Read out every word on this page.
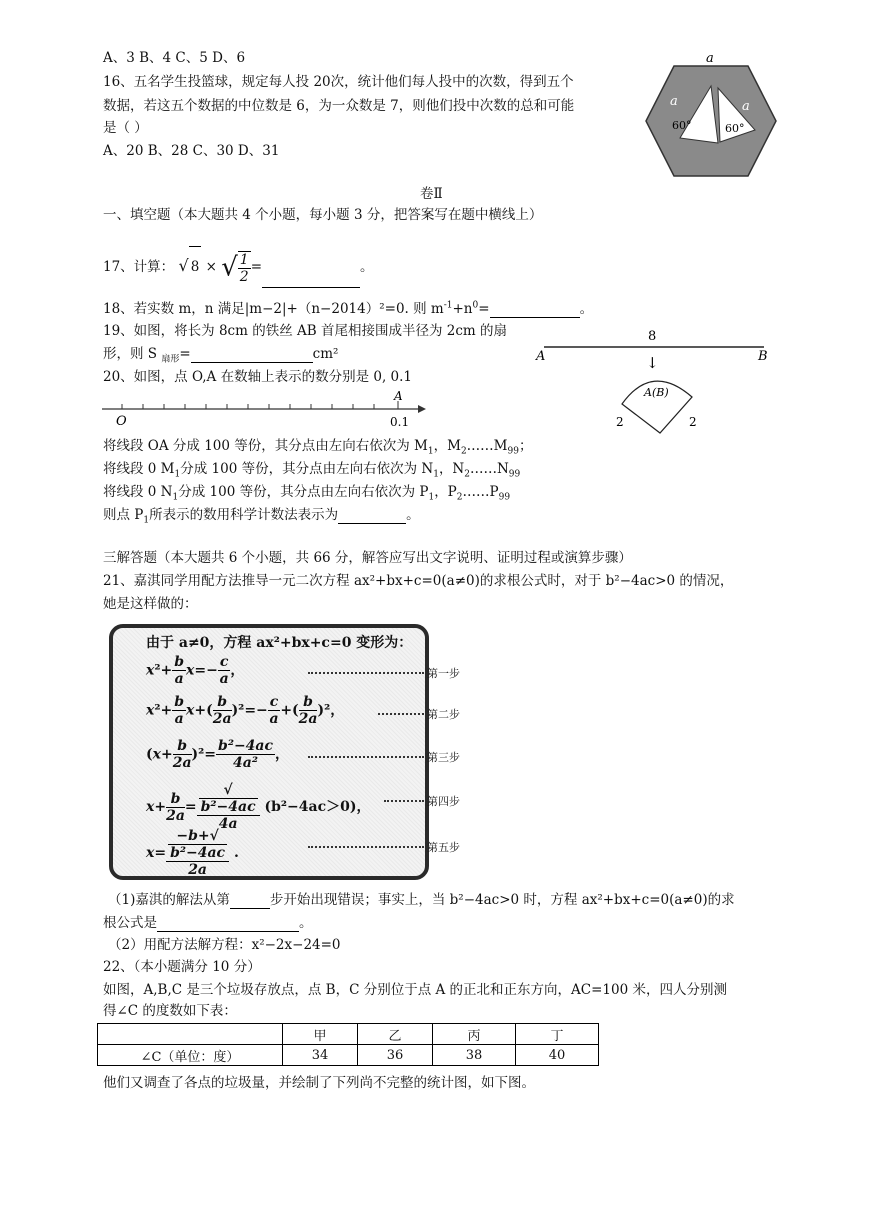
A、3 B、4 C、5 D、6
16、五名学生投篮球，规定每人投 20次，统计他们每人投中的次数，得到五个
数据，若这五个数据的中位数是 6，为一众数是 7，则他们投中次数的总和可能
是（ ）
A、20 B、28 C、30 D、31
a
a	a
60°	60°
卷Ⅱ
一、填空题（本大题共 4 个小题，每小题 3 分，把答案写在题中横线上）
17、计算： √ 8 × √ $\frac{1}{2}$ =	。
18、若实数 m，n 满足|m−2|+（n−2014）²=0. 则 $m^{-1}+n^0=$	。
19、如图，将长为 8cm 的铁丝 AB 首尾相接围成半径为 2cm 的扇
形，则 S $_{扇形}$=	cm²
8
A	B
↓
A(B)
2	2
20、如图，点 O,A 在数轴上表示的数分别是 0, 0.1
O
A
0.1
将线段 OA 分成 100 等份，其分点由左向右依次为 $M_1$，$M_2\dots\dots M_{99}$；
将线段 0 $M_1$分成 100 等份，其分点由左向右依次为 $N_1$，$N_2\dots\dots N_{99}$
将线段 0 $N_1$分成 100 等份，其分点由左向右依次为 $P_1$，$P_2\dots\dots P_{99}$
则点 $P_1$所表示的数用科学计数法表示为	。
三解答题（本大题共 6 个小题，共 66 分，解答应写出文字说明、证明过程或演算步骤）
21、嘉淇同学用配方法推导一元二次方程 ax²+bx+c=0(a≠0)的求根公式时，对于 b²−4ac>0 的情况，
她是这样做的：
由于 a≠0，方程 ax²+bx+c=0 变形为：
$x^2+ \frac{b}{a} x=- \frac{c}{a}$ ，
$x^2+ \frac{b}{a} x+( \frac{b}{2a} )^2=- \frac{c}{a}$ +( $\frac{b}{2a} )^2$，
$(x+ \frac{b}{2a} )^2= \frac{\text{b²−4ac}}{\text{4a²}}$ ，
$x+ \frac{b}{2a}$ = √
b²−4ac
4a (b²−4ac＞0)，
x= −b+√
b²−4ac
2a .
第一步
第二步
第三步
第四步
第五步
（1)嘉淇的解法从第	步开始出现错误；事实上，当 b²−4ac>0 时，方程 ax²+bx+c=0(a≠0)的求
根公式是	。
（2）用配方法解方程：x²−2x−24=0
22、（本小题满分 10 分）
如图，A,B,C 是三个垃圾存放点，点 B，C 分别位于点 A 的正北和正东方向，AC=100 米，四人分别测
得∠C 的度数如下表：
	甲	乙	丙	丁
∠C（单位：度）	34	36	38	40
他们又调查了各点的垃圾量，并绘制了下列尚不完整的统计图，如下图。
